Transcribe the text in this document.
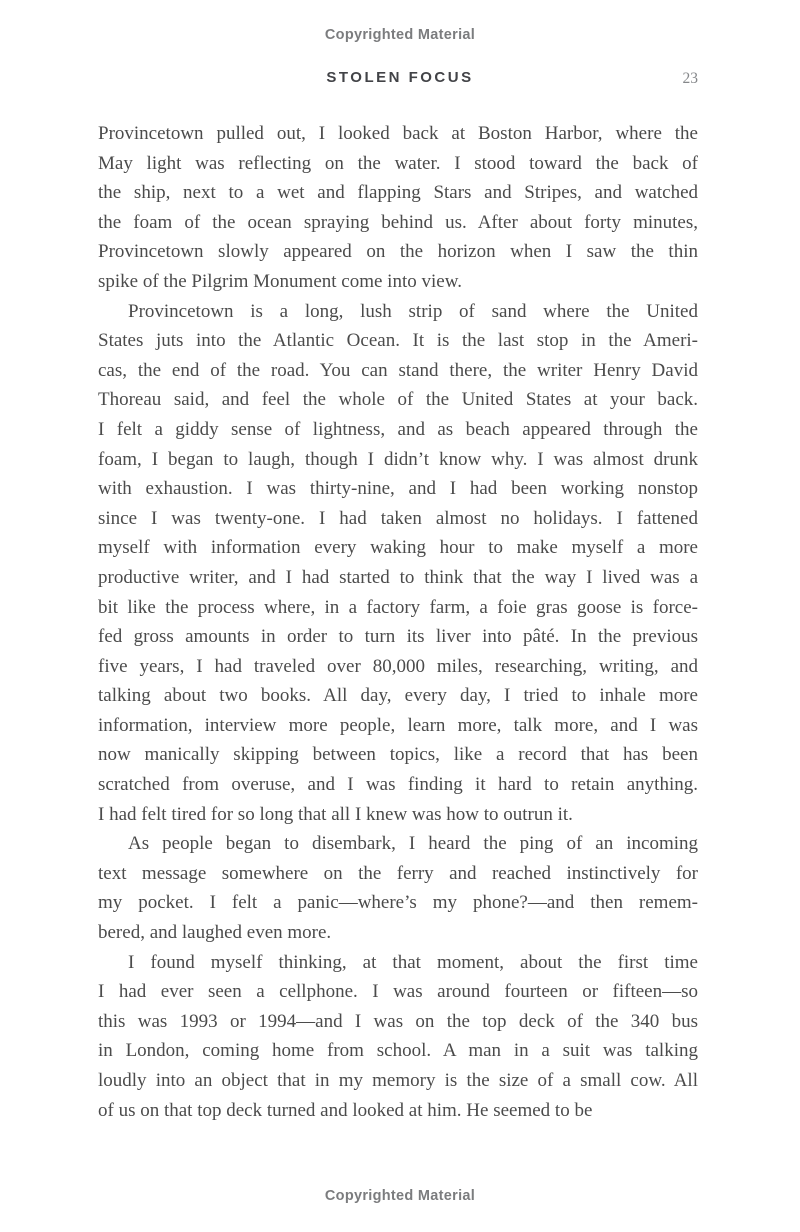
Copyrighted Material
STOLEN FOCUS	23
Provincetown pulled out, I looked back at Boston Harbor, where the
May light was reflecting on the water. I stood toward the back of
the ship, next to a wet and flapping Stars and Stripes, and watched
the foam of the ocean spraying behind us. After about forty minutes,
Provincetown slowly appeared on the horizon when I saw the thin
spike of the Pilgrim Monument come into view.
Provincetown is a long, lush strip of sand where the United
States juts into the Atlantic Ocean. It is the last stop in the Ameri-
cas, the end of the road. You can stand there, the writer Henry David
Thoreau said, and feel the whole of the United States at your back.
I felt a giddy sense of lightness, and as beach appeared through the
foam, I began to laugh, though I didn’t know why. I was almost drunk
with exhaustion. I was thirty-nine, and I had been working nonstop
since I was twenty-one. I had taken almost no holidays. I fattened
myself with information every waking hour to make myself a more
productive writer, and I had started to think that the way I lived was a
bit like the process where, in a factory farm, a foie gras goose is force-
fed gross amounts in order to turn its liver into pâté. In the previous
five years, I had traveled over 80,000 miles, researching, writing, and
talking about two books. All day, every day, I tried to inhale more
information, interview more people, learn more, talk more, and I was
now manically skipping between topics, like a record that has been
scratched from overuse, and I was finding it hard to retain anything.
I had felt tired for so long that all I knew was how to outrun it.
As people began to disembark, I heard the ping of an incoming
text message somewhere on the ferry and reached instinctively for
my pocket. I felt a panic—where’s my phone?—and then remem-
bered, and laughed even more.
I found myself thinking, at that moment, about the first time
I had ever seen a cellphone. I was around fourteen or fifteen—so
this was 1993 or 1994—and I was on the top deck of the 340 bus
in London, coming home from school. A man in a suit was talking
loudly into an object that in my memory is the size of a small cow. All
of us on that top deck turned and looked at him. He seemed to be
Copyrighted Material
